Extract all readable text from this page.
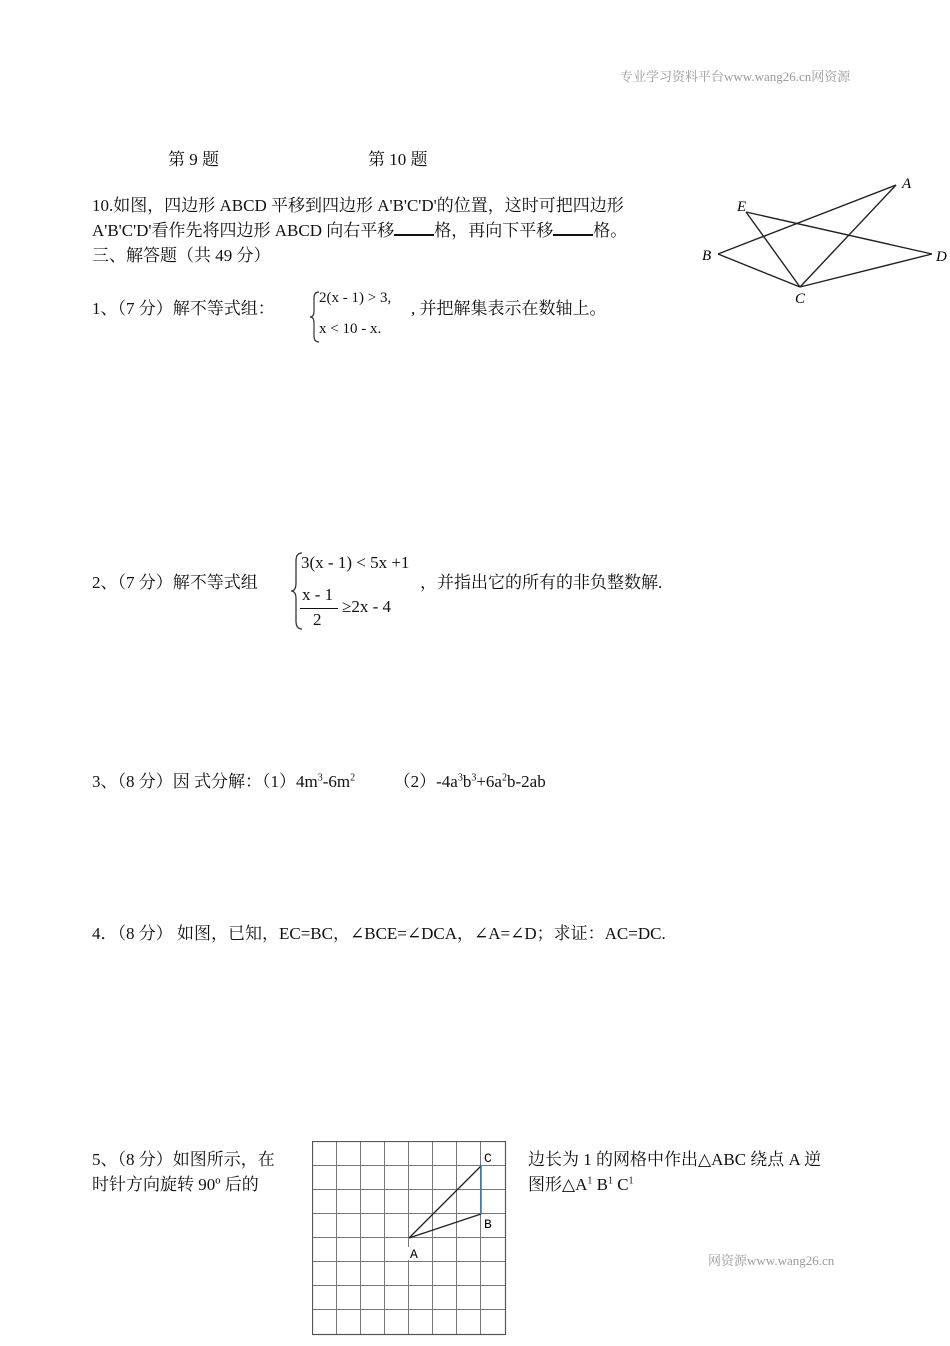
专业学习资料平台www.wang26.cn网资源
第 9 题	第 10 题
10.如图，四边形 ABCD 平移到四边形 A'B'C'D'的位置，这时可把四边形
A'B'C'D'看作先将四边形 ABCD 向右平移 格，再向下平移 格。
三、解答题（共 49 分）
A
B
C
D
E
1、（7 分）解不等式组：
2(x - 1) > 3,
x < 10 - x.
, 并把解集表示在数轴上。
2、（7 分）解不等式组
3(x - 1) < 5x +1
x - 1
2
≥2x - 4
，并指出它的所有的非负整数解.
3、（8 分）因 式分解：$(1)4m^3-6m^2$ $(2)-4a^3b^3+6a^2b-2ab$
4．（8 分） 如图，已知，EC=BC，∠BCE=∠DCA，∠A=∠D；求证：AC=DC.
5、（8 分）如图所示，在
时针方向旋转 90º 后的
边长为 1 的网格中作出△ABC 绕点 A 逆
图形$\triangle A^1$ $B^1$ $C^1$
A
B
C
网资源www.wang26.cn
